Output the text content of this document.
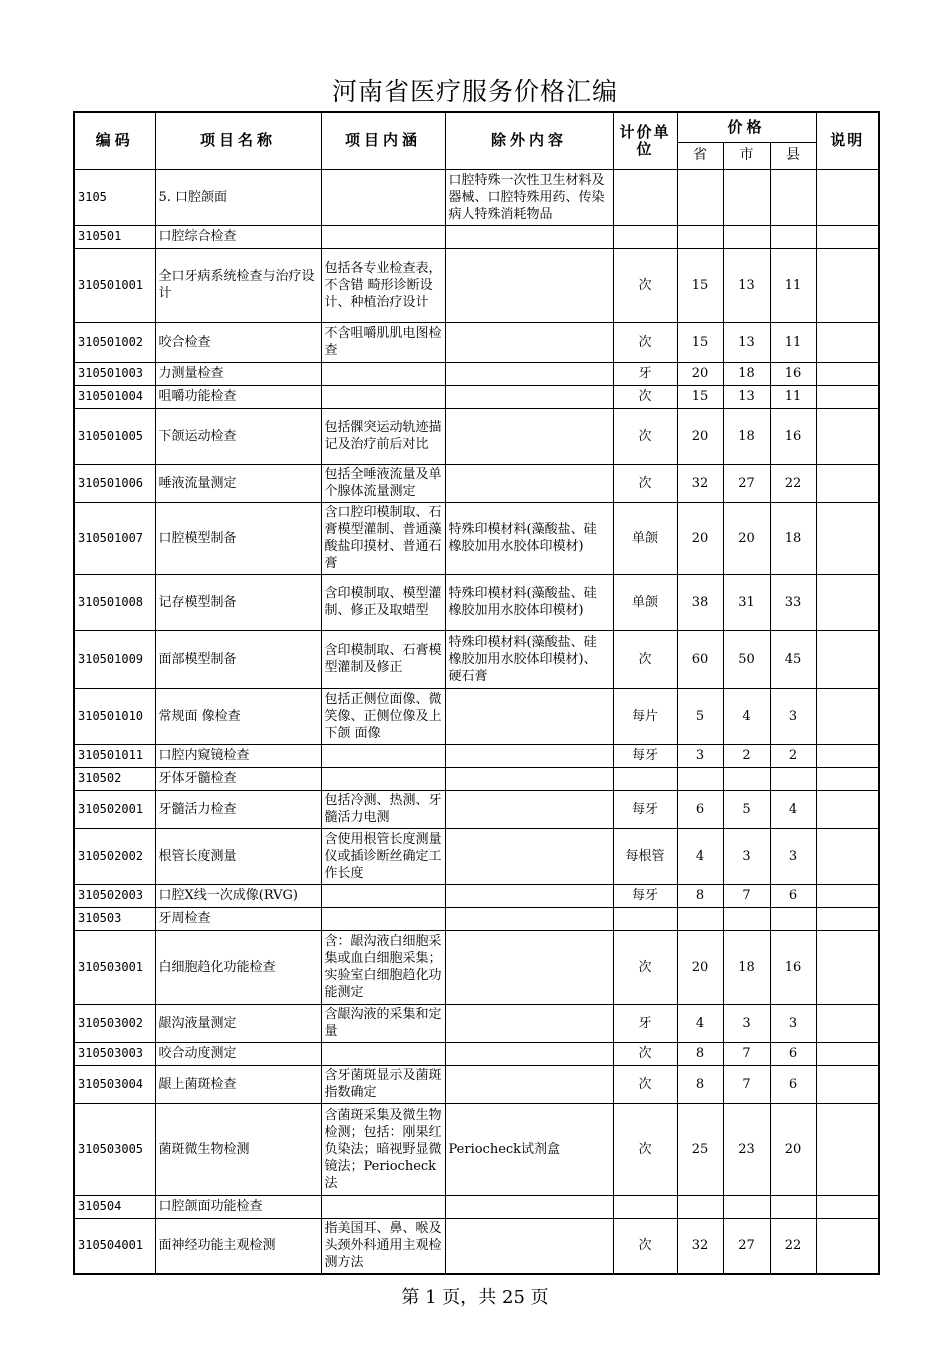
河南省医疗服务价格汇编
编码	项目名称	项目内涵	除外内容	计价单位	价格			说明
					省	市	县	
3105	5. 口腔颌面		口腔特殊一次性卫生材料及器械、口腔特殊用药、传染病人特殊消耗物品					
310501	口腔综合检查							
310501001	全口牙病系统检查与治疗设计	包括各专业检查表，不含错 畸形诊断设计、种植治疗设计		次	15	13	11	
310501002	咬合检查	不含咀嚼肌肌电图检查		次	15	13	11	
310501003	力测量检查			牙	20	18	16	
310501004	咀嚼功能检查			次	15	13	11	
310501005	下颌运动检查	包括髁突运动轨迹描记及治疗前后对比		次	20	18	16	
310501006	唾液流量测定	包括全唾液流量及单个腺体流量测定		次	32	27	22	
310501007	口腔模型制备	含口腔印模制取、石膏模型灌制、普通藻酸盐印摸材、普通石膏	特殊印模材料(藻酸盐、硅橡胶加用水胶体印模材)	单颌	20	20	18	
310501008	记存模型制备	含印模制取、模型灌制、修正及取蜡型	特殊印模材料(藻酸盐、硅橡胶加用水胶体印模材)	单颌	38	31	33	
310501009	面部模型制备	含印模制取、石膏模型灌制及修正	特殊印模材料(藻酸盐、硅橡胶加用水胶体印模材)、硬石膏	次	60	50	45	
310501010	常规面 像检查	包括正侧位面像、微笑像、正侧位像及上下颌 面像		每片	5	4	3	
310501011	口腔内窥镜检查			每牙	3	2	2	
310502	牙体牙髓检查							
310502001	牙髓活力检查	包括冷测、热测、牙髓活力电测		每牙	6	5	4	
310502002	根管长度测量	含使用根管长度测量仪或插诊断丝确定工作长度		每根管	4	3	3	
310502003	口腔X线一次成像(RVG)			每牙	8	7	6	
310503	牙周检查							
310503001	白细胞趋化功能检查	含：龈沟液白细胞采集或血白细胞采集；实验室白细胞趋化功能测定		次	20	18	16	
310503002	龈沟液量测定	含龈沟液的采集和定量		牙	4	3	3	
310503003	咬合动度测定			次	8	7	6	
310503004	龈上菌斑检查	含牙菌斑显示及菌斑指数确定		次	8	7	6	
310503005	菌斑微生物检测	含菌斑采集及微生物检测；包括：刚果红负染法；暗视野显微镜法；Periocheck法	Periocheck试剂盒	次	25	23	20	
310504	口腔颌面功能检查							
310504001	面神经功能主观检测	指美国耳、鼻、喉及头颈外科通用主观检测方法		次	32	27	22	
第 1 页，共 25 页
